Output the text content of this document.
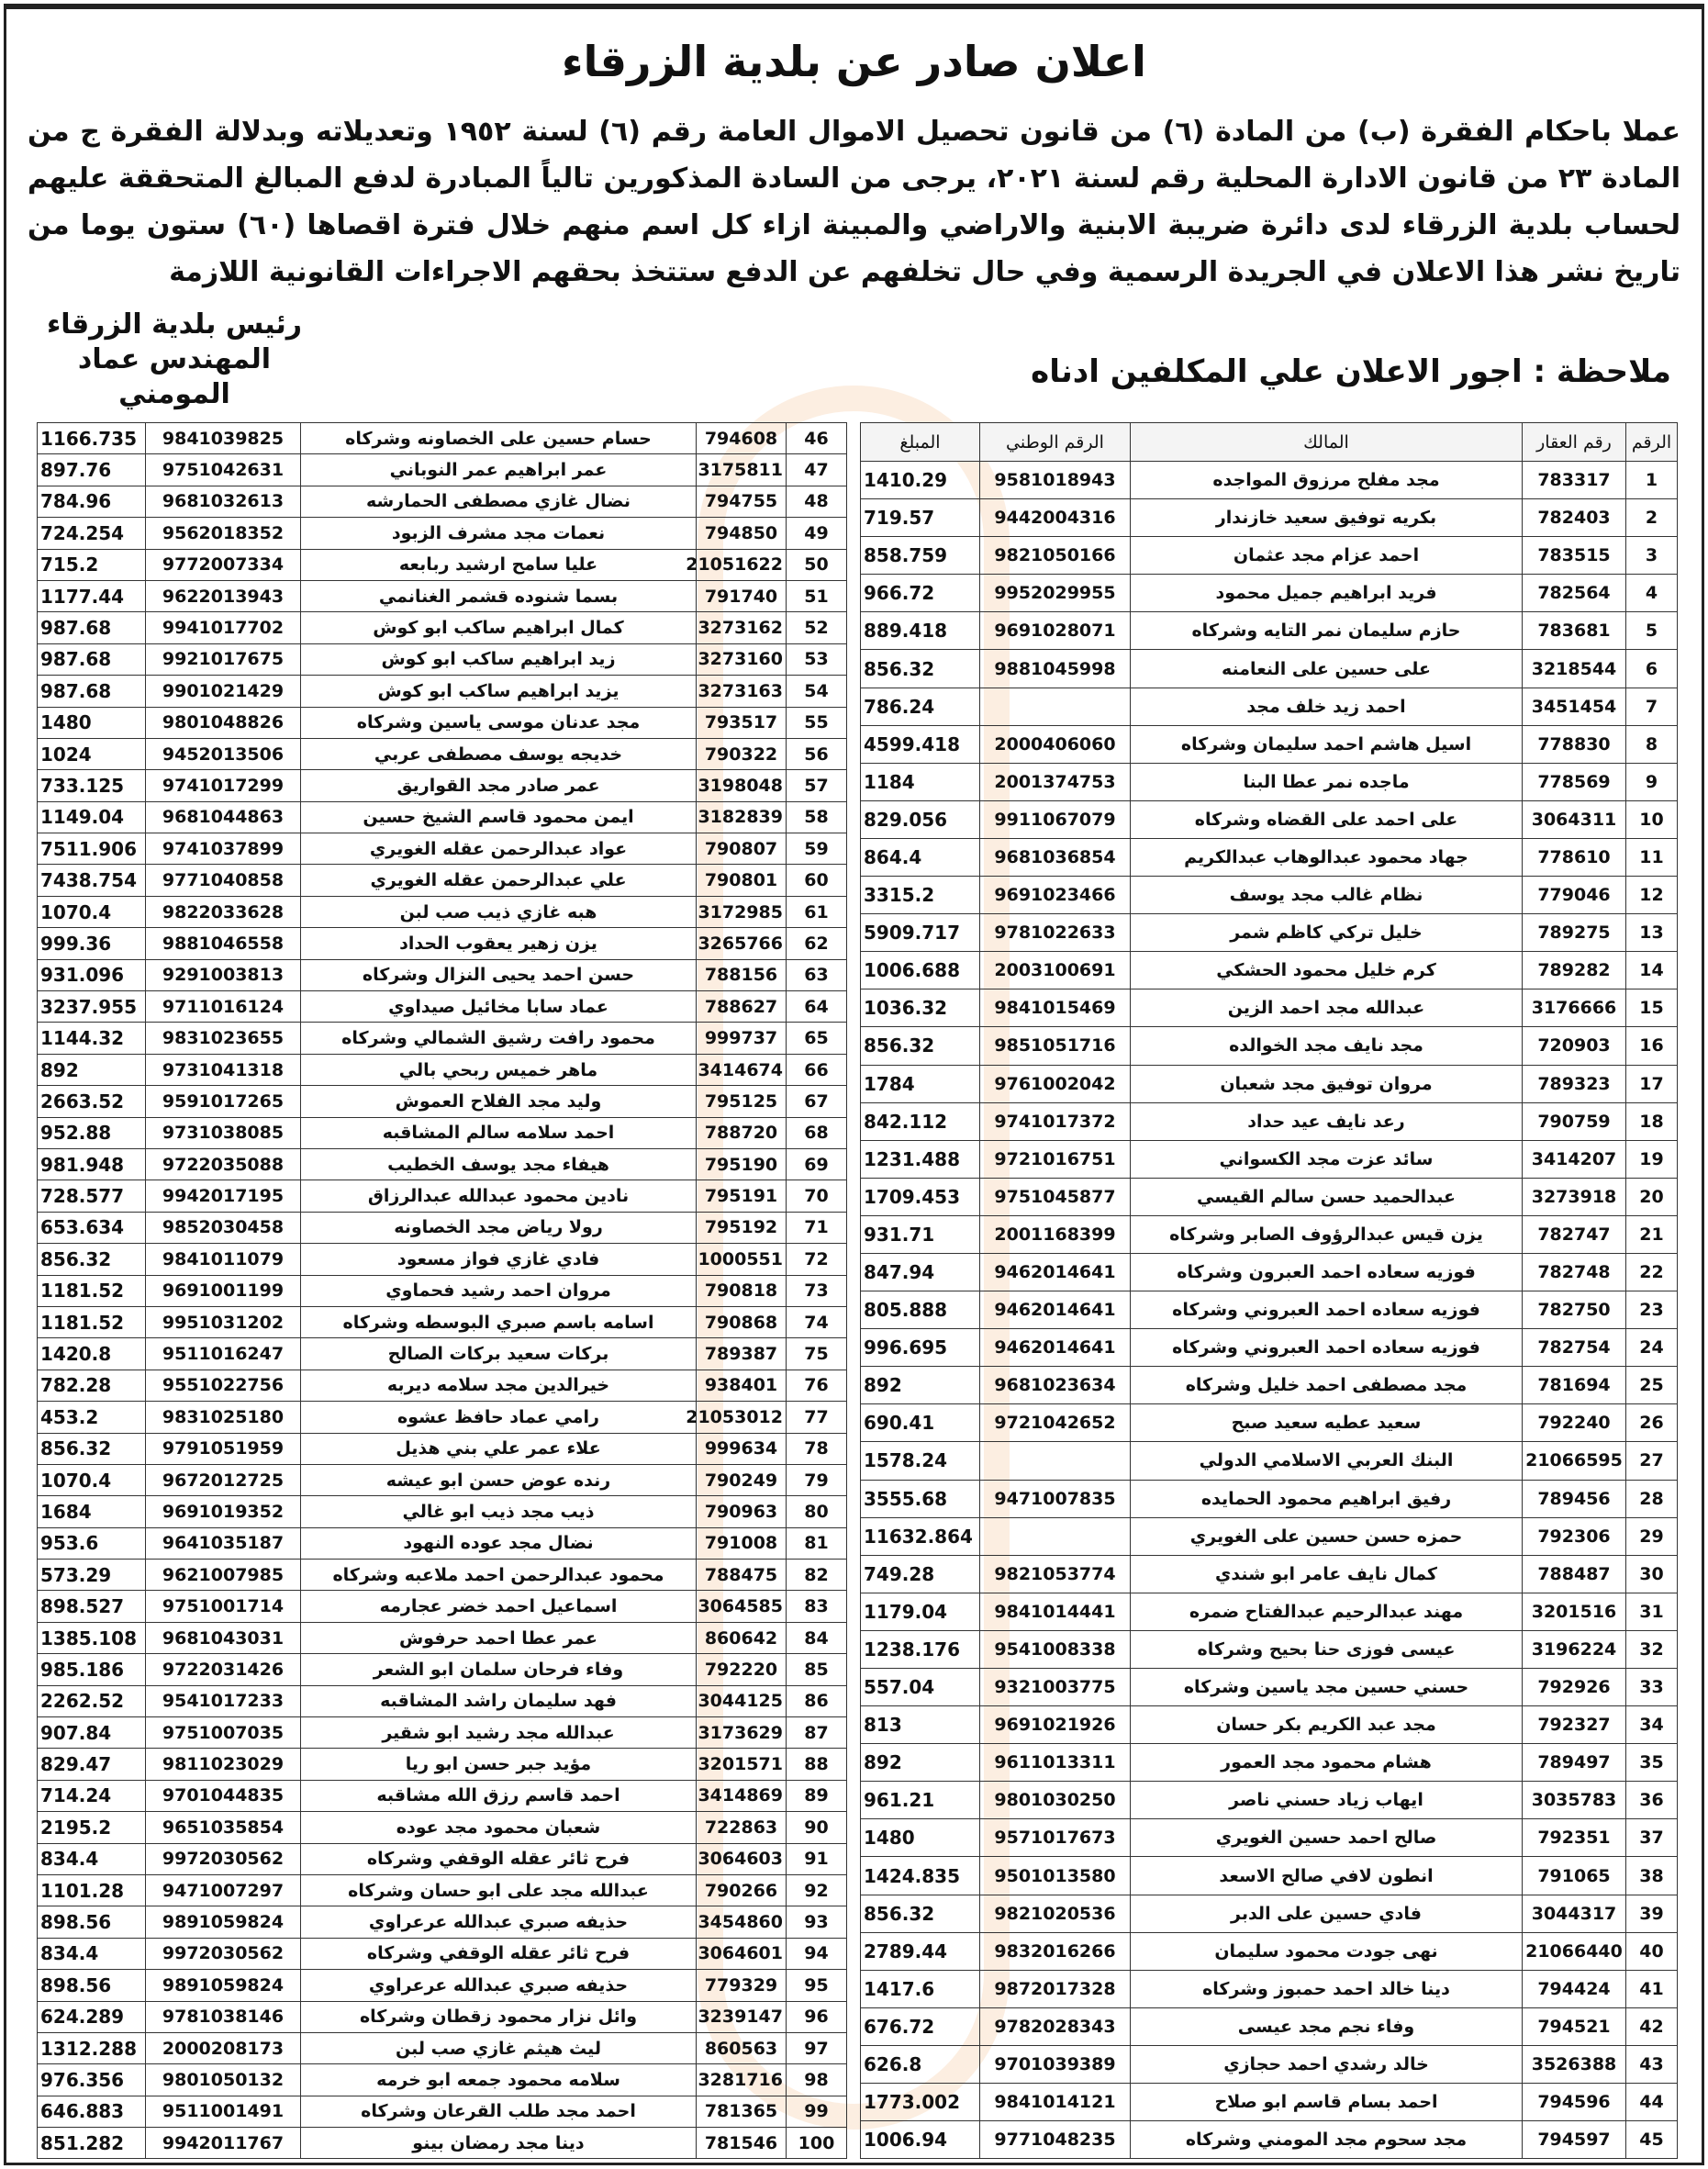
اعلان صادر عن بلدية الزرقاء

عملا باحكام الفقرة (ب) من المادة (٦) من قانون تحصيل الاموال العامة رقم (٦) لسنة ١٩٥٢ وتعديلاته وبدلالة الفقرة ج من المادة ٢٣ من قانون الادارة المحلية رقم لسنة ٢٠٢١، يرجى من السادة المذكورين تالياً المبادرة لدفع المبالغ المتحققة عليهم لحساب بلدية الزرقاء لدى دائرة ضريبة الابنية والاراضي والمبينة ازاء كل اسم منهم خلال فترة اقصاها (٦٠) ستون يوما من تاريخ نشر هذا الاعلان في الجريدة الرسمية وفي حال تخلفهم عن الدفع ستتخذ بحقهم الاجراءات القانونية اللازمة

رئيس بلدية الزرقاء
المهندس عماد المومني
ملاحظة : اجور الاعلان علي المكلفين ادناه
الرقم	رقم العقار	المالك	الرقم الوطني	المبلغ
1	783317	مجد مفلح مرزوق المواجده	9581018943	1410.29
2	782403	بكريه توفيق سعيد خازندار	9442004316	719.57
3	783515	احمد عزام مجد عثمان	9821050166	858.759
4	782564	فريد ابراهيم جميل محمود	9952029955	966.72
5	783681	حازم سليمان نمر التايه وشركاه	9691028071	889.418
6	3218544	على حسين على النعامنه	9881045998	856.32
7	3451454	احمد زيد خلف مجد		786.24
8	778830	اسيل هاشم احمد سليمان وشركاه	2000406060	4599.418
9	778569	ماجده نمر عطا البنا	2001374753	1184
10	3064311	على احمد على القضاه وشركاه	9911067079	829.056
11	778610	جهاد محمود عبدالوهاب عبدالكريم	9681036854	864.4
12	779046	نظام غالب مجد يوسف	9691023466	3315.2
13	789275	خليل تركي كاظم شمر	9781022633	5909.717
14	789282	كرم خليل محمود الحشكي	2003100691	1006.688
15	3176666	عبدالله مجد احمد الزين	9841015469	1036.32
16	720903	مجد نايف مجد الخوالده	9851051716	856.32
17	789323	مروان توفيق مجد شعبان	9761002042	1784
18	790759	رعد نايف عيد حداد	9741017372	842.112
19	3414207	سائد عزت مجد الكسواني	9721016751	1231.488
20	3273918	عبدالحميد حسن سالم القيسي	9751045877	1709.453
21	782747	يزن قيس عبدالرؤوف الصابر وشركاه	2001168399	931.71
22	782748	فوزيه سعاده احمد العبرون وشركاه	9462014641	847.94
23	782750	فوزيه سعاده احمد العبروني وشركاه	9462014641	805.888
24	782754	فوزيه سعاده احمد العبروني وشركاه	9462014641	996.695
25	781694	مجد مصطفى احمد خليل وشركاه	9681023634	892
26	792240	سعيد عطيه سعيد صبح	9721042652	690.41
27	21066595	البنك العربي الاسلامي الدولي		1578.24
28	789456	رفيق ابراهيم محمود الحمايده	9471007835	3555.68
29	792306	حمزه حسن حسين على الغويري		11632.864
30	788487	كمال نايف عامر ابو شندي	9821053774	749.28
31	3201516	مهند عبدالرحيم عبدالفتاح ضمره	9841014441	1179.04
32	3196224	عيسى فوزى حنا بحيح وشركاه	9541008338	1238.176
33	792926	حسني حسين مجد ياسين وشركاه	9321003775	557.04
34	792327	مجد عبد الكريم بكر حسان	9691021926	813
35	789497	هشام محمود مجد العمور	9611013311	892
36	3035783	ايهاب زياد حسني ناصر	9801030250	961.21
37	792351	صالح احمد حسين الغويري	9571017673	1480
38	791065	انطون لافي صالح الاسعد	9501013580	1424.835
39	3044317	فادي حسين على الدبر	9821020536	856.32
40	21066440	نهى جودت محمود سليمان	9832016266	2789.44
41	794424	دينا خالد احمد حمبوز وشركاه	9872017328	1417.6
42	794521	وفاء نجم مجد عيسى	9782028343	676.72
43	3526388	خالد رشدي احمد حجازي	9701039389	626.8
44	794596	احمد بسام قاسم ابو صلاح	9841014121	1773.002
45	794597	مجد سحوم مجد المومني وشركاه	9771048235	1006.94
46	794608	حسام حسين على الخصاونه وشركاه	9841039825	1166.735
47	3175811	عمر ابراهيم عمر النوباني	9751042631	897.76
48	794755	نضال غازي مصطفى الحمارشه	9681032613	784.96
49	794850	نعمات مجد مشرف الزبود	9562018352	724.254
50	21051622	عليا سامح ارشيد ربابعه	9772007334	715.2
51	791740	بسما شنوده قشمر الغنانمي	9622013943	1177.44
52	3273162	كمال ابراهيم ساكب ابو كوش	9941017702	987.68
53	3273160	زيد ابراهيم ساكب ابو كوش	9921017675	987.68
54	3273163	يزيد ابراهيم ساكب ابو كوش	9901021429	987.68
55	793517	مجد عدنان موسى ياسين وشركاه	9801048826	1480
56	790322	خديجه يوسف مصطفى عربي	9452013506	1024
57	3198048	عمر صادر مجد القواريق	9741017299	733.125
58	3182839	ايمن محمود قاسم الشيخ حسين	9681044863	1149.04
59	790807	عواد عبدالرحمن عقله الغويري	9741037899	7511.906
60	790801	علي عبدالرحمن عقله الغويري	9771040858	7438.754
61	3172985	هبه غازي ذيب صب لبن	9822033628	1070.4
62	3265766	يزن زهير يعقوب الحداد	9881046558	999.36
63	788156	حسن احمد يحيى النزال وشركاه	9291003813	931.096
64	788627	عماد سابا مخائيل صيداوي	9711016124	3237.955
65	999737	محمود رافت رشيق الشمالي وشركاه	9831023655	1144.32
66	3414674	ماهر خميس ربحي بالي	9731041318	892
67	795125	وليد مجد الفلاح العموش	9591017265	2663.52
68	788720	احمد سلامه سالم المشاقبه	9731038085	952.88
69	795190	هيفاء مجد يوسف الخطيب	9722035088	981.948
70	795191	نادين محمود عبدالله عبدالرزاق	9942017195	728.577
71	795192	رولا رياض مجد الخصاونه	9852030458	653.634
72	1000551	فادي غازي فواز مسعود	9841011079	856.32
73	790818	مروان احمد رشيد فحماوي	9691001199	1181.52
74	790868	اسامه باسم صبري البوسطه وشركاه	9951031202	1181.52
75	789387	بركات سعيد بركات الصالح	9511016247	1420.8
76	938401	خيرالدين مجد سلامه ديربه	9551022756	782.28
77	21053012	رامي عماد حافظ عشوه	9831025180	453.2
78	999634	علاء عمر علي بني هذيل	9791051959	856.32
79	790249	رنده عوض حسن ابو عيشه	9672012725	1070.4
80	790963	ذيب مجد ذيب ابو غالي	9691019352	1684
81	791008	نضال مجد عوده النهود	9641035187	953.6
82	788475	محمود عبدالرحمن احمد ملاعبه وشركاه	9621007985	573.29
83	3064585	اسماعيل احمد خضر عجارمه	9751001714	898.527
84	860642	عمر عطا احمد حرفوش	9681043031	1385.108
85	792220	وفاء فرحان سلمان ابو الشعر	9722031426	985.186
86	3044125	فهد سليمان راشد المشاقبه	9541017233	2262.52
87	3173629	عبدالله مجد رشيد ابو شقير	9751007035	907.84
88	3201571	مؤيد جبر حسن ابو ريا	9811023029	829.47
89	3414869	احمد قاسم رزق الله مشاقبه	9701044835	714.24
90	722863	شعبان محمود مجد عوده	9651035854	2195.2
91	3064603	فرح ثائر عقله الوقفي وشركاه	9972030562	834.4
92	790266	عبدالله مجد على ابو حسان وشركاه	9471007297	1101.28
93	3454860	حذيفه صبري عبدالله عرعراوي	9891059824	898.56
94	3064601	فرح ثائر عقله الوقفي وشركاه	9972030562	834.4
95	779329	حذيفه صبري عبدالله عرعراوي	9891059824	898.56
96	3239147	وائل نزار محمود زقطان وشركاه	9781038146	624.289
97	860563	ليث هيثم غازي صب لبن	2000208173	1312.288
98	3281716	سلامه محمود جمعه ابو خرمه	9801050132	976.356
99	781365	احمد مجد طلب القرعان وشركاه	9511001491	646.883
100	781546	دينا مجد رمضان بينو	9942011767	851.282
